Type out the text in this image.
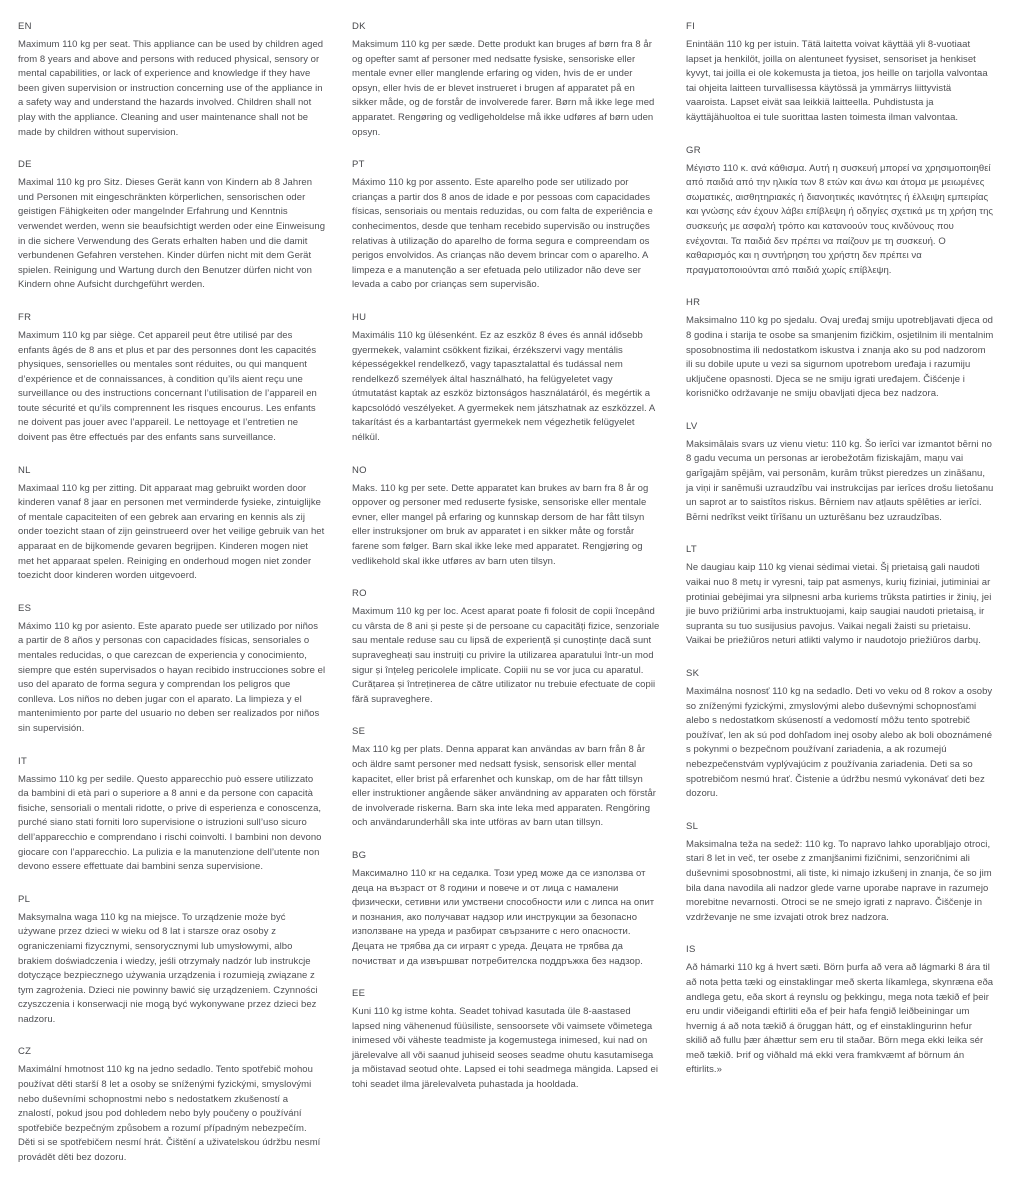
EN

Maximum 110 kg per seat. This appliance can be used by children aged from 8 years and above and persons with reduced physical, sensory or mental capabilities, or lack of experience and knowledge if they have been given supervision or instruction concerning use of the appliance in a safety way and understand the hazards involved. Children shall not play with the appliance. Cleaning and user maintenance shall not be made by children without supervision.

DE

Maximal 110 kg pro Sitz. Dieses Gerät kann von Kindern ab 8 Jahren und Personen mit eingeschränkten körperlichen, sensorischen oder geistigen Fähigkeiten oder mangelnder Erfahrung und Kenntnis verwendet werden, wenn sie beaufsichtigt werden oder eine Einweisung in die sichere Verwendung des Gerats erhalten haben und die damit verbundenen Gefahren verstehen. Kinder dürfen nicht mit dem Gerät spielen. Reinigung und Wartung durch den Benutzer dürfen nicht von Kindern ohne Aufsicht durchgeführt werden.

FR

Maximum 110 kg par siège. Cet appareil peut être utilisé par des enfants âgés de 8 ans et plus et par des personnes dont les capacités physiques, sensorielles ou mentales sont réduites, ou qui manquent d’expérience et de connaissances, à condition qu’ils aient reçu une surveillance ou des instructions concernant l’utilisation de l’appareil en toute sécurité et qu’ils comprennent les risques encourus. Les enfants ne doivent pas jouer avec l’appareil. Le nettoyage et l’entretien ne doivent pas être effectués par des enfants sans surveillance.

NL

Maximaal 110 kg per zitting. Dit apparaat mag gebruikt worden door kinderen vanaf 8 jaar en personen met verminderde fysieke, zintuiglijke of mentale capaciteiten of een gebrek aan ervaring en kennis als zij onder toezicht staan of zijn geinstrueerd over het veilige gebruik van het apparaat en de bijkomende gevaren begrijpen. Kinderen mogen niet met het apparaat spelen. Reiniging en onderhoud mogen niet zonder toezicht door kinderen worden uitgevoerd.

ES

Máximo 110 kg por asiento. Este aparato puede ser utilizado por niños a partir de 8 años y personas con capacidades físicas, sensoriales o mentales reducidas, o que carezcan de experiencia y conocimiento, siempre que estén supervisados o hayan recibido instrucciones sobre el uso del aparato de forma segura y comprendan los peligros que conlleva. Los niños no deben jugar con el aparato. La limpieza y el mantenimiento por parte del usuario no deben ser realizados por niños sin supervisión.

IT

Massimo 110 kg per sedile. Questo apparecchio può essere utilizzato da bambini di età pari o superiore a 8 anni e da persone con capacità fisiche, sensoriali o mentali ridotte, o prive di esperienza e conoscenza, purché siano stati forniti loro supervisione o istruzioni sull’uso sicuro dell’apparecchio e comprendano i rischi coinvolti. I bambini non devono giocare con l’apparecchio. La pulizia e la manutenzione dell’utente non devono essere effettuate dai bambini senza supervisione.

PL

Maksymalna waga 110 kg na miejsce. To urządzenie może być używane przez dzieci w wieku od 8 lat i starsze oraz osoby z ograniczeniami fizycznymi, sensorycznymi lub umysłowymi, albo brakiem doświadczenia i wiedzy, jeśli otrzymały nadzór lub instrukcje dotyczące bezpiecznego używania urządzenia i rozumieją związane z tym zagrożenia. Dzieci nie powinny bawić się urządzeniem. Czynności czyszczenia i konserwacji nie mogą być wykonywane przez dzieci bez nadzoru.

CZ

Maximální hmotnost 110 kg na jedno sedadlo. Tento spotřebič mohou používat děti starší 8 let a osoby se sníženými fyzickými, smyslovými nebo duševními schopnostmi nebo s nedostatkem zkušeností a znalostí, pokud jsou pod dohledem nebo byly poučeny o používání spotřebiče bezpečným způsobem a rozumí případným nebezpečím. Děti si se spotřebičem nesmí hrát. Čištění a uživatelskou údržbu nesmí provádět děti bez dozoru.

DK

Maksimum 110 kg per sæde. Dette produkt kan bruges af børn fra 8 år og opefter samt af personer med nedsatte fysiske, sensoriske eller mentale evner eller manglende erfaring og viden, hvis de er under opsyn, eller hvis de er blevet instrueret i brugen af apparatet på en sikker måde, og de forstår de involverede farer. Børn må ikke lege med apparatet. Rengøring og vedligeholdelse må ikke udføres af børn uden opsyn.

PT

Máximo 110 kg por assento. Este aparelho pode ser utilizado por crianças a partir dos 8 anos de idade e por pessoas com capacidades físicas, sensoriais ou mentais reduzidas, ou com falta de experiência e conhecimentos, desde que tenham recebido supervisão ou instruções relativas à utilização do aparelho de forma segura e compreendam os perigos envolvidos. As crianças não devem brincar com o aparelho. A limpeza e a manutenção a ser efetuada pelo utilizador não deve ser levada a cabo por crianças sem supervisão.

HU

Maximális 110 kg ülésenként. Ez az eszköz 8 éves és annál idősebb gyermekek, valamint csökkent fizikai, érzékszervi vagy mentális képességekkel rendelkező, vagy tapasztalattal és tudással nem rendelkező személyek által használható, ha felügyeletet vagy útmutatást kaptak az eszköz biztonságos használatáról, és megértik a kapcsolódó veszélyeket. A gyermekek nem játszhatnak az eszközzel. A takarítást és a karbantartást gyermekek nem végezhetik felügyelet nélkül.

NO

Maks. 110 kg per sete. Dette apparatet kan brukes av barn fra 8 år og oppover og personer med reduserte fysiske, sensoriske eller mentale evner, eller mangel på erfaring og kunnskap dersom de har fått tilsyn eller instruksjoner om bruk av apparatet i en sikker måte og forstår farene som følger. Barn skal ikke leke med apparatet. Rengjøring og vedlikehold skal ikke utføres av barn uten tilsyn.

RO

Maximum 110 kg per loc. Acest aparat poate fi folosit de copii începând cu vârsta de 8 ani și peste și de persoane cu capacități fizice, senzoriale sau mentale reduse sau cu lipsă de experiență și cunoștințe dacă sunt supravegheați sau instruiți cu privire la utilizarea aparatului într-un mod sigur și înțeleg pericolele implicate. Copiii nu se vor juca cu aparatul. Curățarea și întreținerea de către utilizator nu trebuie efectuate de copii fără supraveghere.

SE

Max 110 kg per plats. Denna apparat kan användas av barn från 8 år och äldre samt personer med nedsatt fysisk, sensorisk eller mental kapacitet, eller brist på erfarenhet och kunskap, om de har fått tillsyn eller instruktioner angående säker användning av apparaten och förstår de involverade riskerna. Barn ska inte leka med apparaten. Rengöring och användarunderhåll ska inte utföras av barn utan tillsyn.

BG

Максимално 110 кг на седалка. Този уред може да се използва от деца на възраст от 8 години и повече и от лица с намалени физически, сетивни или умствени способности или с липса на опит и познания, ако получават надзор или инструкции за безопасно използване на уреда и разбират свързаните с него опасности. Децата не трябва да си играят с уреда. Децата не трябва да почистват и да извършват потребителска поддръжка без надзор.

EE

Kuni 110 kg istme kohta. Seadet tohivad kasutada üle 8-aastased lapsed ning vähenenud füüsiliste, sensoorsete või vaimsete võimetega inimesed või väheste teadmiste ja kogemustega inimesed, kui nad on järelevalve all või saanud juhiseid seoses seadme ohutu kasutamisega ja mõistavad seotud ohte. Lapsed ei tohi seadmega mängida. Lapsed ei tohi seadet ilma järelevalveta puhastada ja hooldada.

FI

Enintään 110 kg per istuin. Tätä laitetta voivat käyttää yli 8-vuotiaat lapset ja henkilöt, joilla on alentuneet fyysiset, sensoriset ja henkiset kyvyt, tai joilla ei ole kokemusta ja tietoa, jos heille on tarjolla valvontaa tai ohjeita laitteen turvallisessa käytössä ja ymmärrys liittyvistä vaaroista. Lapset eivät saa leikkiä laitteella. Puhdistusta ja käyttäjähuoltoa ei tule suorittaa lasten toimesta ilman valvontaa.

GR

Μέγιστο 110 κ. ανά κάθισμα. Αυτή η συσκευή μπορεί να χρησιμοποιηθεί από παιδιά από την ηλικία των 8 ετών και άνω και άτομα με μειωμένες σωματικές, αισθητηριακές ή διανοητικές ικανότητες ή έλλειψη εμπειρίας και γνώσης εάν έχουν λάβει επίβλεψη ή οδηγίες σχετικά με τη χρήση της συσκευής με ασφαλή τρόπο και κατανοούν τους κινδύνους που ενέχονται. Τα παιδιά δεν πρέπει να παίζουν με τη συσκευή. Ο καθαρισμός και η συντήρηση του χρήστη δεν πρέπει να πραγματοποιούνται από παιδιά χωρίς επίβλεψη.

HR

Maksimalno 110 kg po sjedalu. Ovaj uređaj smiju upotrebljavati djeca od 8 godina i starija te osobe sa smanjenim fizičkim, osjetilnim ili mentalnim sposobnostima ili nedostatkom iskustva i znanja ako su pod nadzorom ili su dobile upute u vezi sa sigurnom upotrebom uređaja i razumiju uključene opasnosti. Djeca se ne smiju igrati uređajem. Čišćenje i korisničko održavanje ne smiju obavljati djeca bez nadzora.

LV

Maksimālais svars uz vienu vietu: 110 kg. Šo ierīci var izmantot bērni no 8 gadu vecuma un personas ar ierobežotām fiziskajām, maņu vai garīgajām spējām, vai personām, kurām trūkst pieredzes un zināšanu, ja viņi ir sanēmuši uzraudzību vai instrukcijas par ierīces drošu lietošanu un saprot ar to saistītos riskus. Bērniem nav atļauts spēlēties ar ierīci. Bērni nedrīkst veikt tīrīšanu un uzturēšanu bez uzraudzības.

LT

Ne daugiau kaip 110 kg vienai sėdimai vietai. Šį prietaisą gali naudoti vaikai nuo 8 metų ir vyresni, taip pat asmenys, kurių fiziniai, jutiminiai ar protiniai gebėjimai yra silpnesni arba kuriems trūksta patirties ir žinių, jei jie buvo prižiūrimi arba instruktuojami, kaip saugiai naudoti prietaisą, ir supranta su tuo susijusius pavojus. Vaikai negali žaisti su prietaisu. Vaikai be priežiūros neturi atlikti valymo ir naudotojo priežiūros darbų.

SK

Maximálna nosnosť 110 kg na sedadlo. Deti vo veku od 8 rokov a osoby so zníženými fyzickými, zmyslovými alebo duševnými schopnosťami alebo s nedostatkom skúseností a vedomostí môžu tento spotrebič používať, len ak sú pod dohľadom inej osoby alebo ak boli oboznámené s pokynmi o bezpečnom používaní zariadenia, a ak rozumejú nebezpečenstvám vyplývajúcim z používania zariadenia. Deti sa so spotrebičom nesmú hrať. Čistenie a údržbu nesmú vykonávať deti bez dozoru.

SL

Maksimalna teža na sedež: 110 kg. To napravo lahko uporabljajo otroci, stari 8 let in več, ter osebe z zmanjšanimi fizičnimi, senzoričnimi ali duševnimi sposobnostmi, ali tiste, ki nimajo izkušenj in znanja, če so jim bila dana navodila ali nadzor glede varne uporabe naprave in razumejo morebitne nevarnosti. Otroci se ne smejo igrati z napravo. Čiščenje in vzdrževanje ne sme izvajati otrok brez nadzora.

IS

Að hámarki 110 kg á hvert sæti. Börn þurfa að vera að lágmarki 8 ára til að nota þetta tæki og einstaklingar með skerta líkamlega, skynræna eða andlega getu, eða skort á reynslu og þekkingu, mega nota tækið ef þeir eru undir viðeigandi eftirliti eða ef þeir hafa fengið leiðbeiningar um hvernig á að nota tækið á öruggan hátt, og ef einstaklingurinn hefur skilið að fullu þær áhættur sem eru til staðar. Börn mega ekki leika sér með tækið. Þrif og viðhald má ekki vera framkvæmt af börnum án eftirlits.»
